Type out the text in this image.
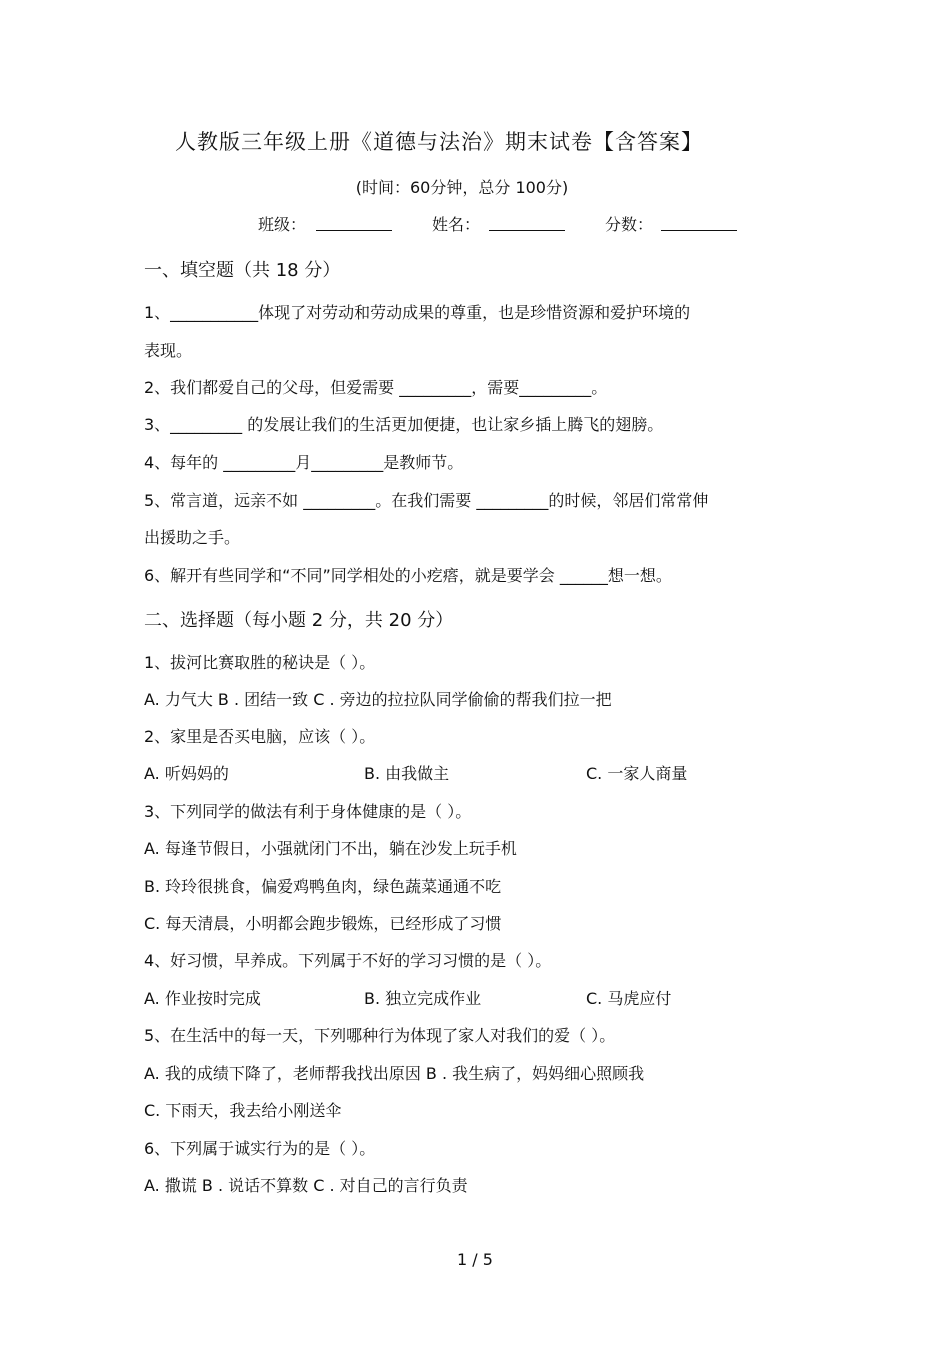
人教版三年级上册《道德与法治》期末试卷【含答案】
(时间：60分钟，总分 100分)
班级：	姓名：	分数：
一、填空题（共 18 分）
1、___________体现了对劳动和劳动成果的尊重，也是珍惜资源和爱护环境的
表现。
2、我们都爱自己的父母，但爱需要 _________，需要_________。
3、_________ 的发展让我们的生活更加便捷，也让家乡插上腾飞的翅膀。
4、每年的 _________月_________是教师节。
5、常言道，远亲不如 _________。在我们需要 _________的时候，邻居们常常伸
出援助之手。
6、解开有些同学和“不同”同学相处的小疙瘩，就是要学会 ______想一想。
二、选择题（每小题 2 分，共 20 分）
1、拔河比赛取胜的秘诀是（ ）。
A. 力气大 B . 团结一致 C . 旁边的拉拉队同学偷偷的帮我们拉一把
2、家里是否买电脑，应该（ ）。
A. 听妈妈的	B. 由我做主	C. 一家人商量
3、下列同学的做法有利于身体健康的是（ ）。
A. 每逢节假日，小强就闭门不出，躺在沙发上玩手机
B. 玲玲很挑食，偏爱鸡鸭鱼肉，绿色蔬菜通通不吃
C. 每天清晨，小明都会跑步锻炼，已经形成了习惯
4、好习惯，早养成。下列属于不好的学习习惯的是（ ）。
A. 作业按时完成	B. 独立完成作业	C. 马虎应付
5、在生活中的每一天，下列哪种行为体现了家人对我们的爱（ ）。
A. 我的成绩下降了，老师帮我找出原因 B . 我生病了，妈妈细心照顾我
C. 下雨天，我去给小刚送伞
6、下列属于诚实行为的是（ ）。
A. 撒谎 B . 说话不算数 C . 对自己的言行负责
1 / 5
